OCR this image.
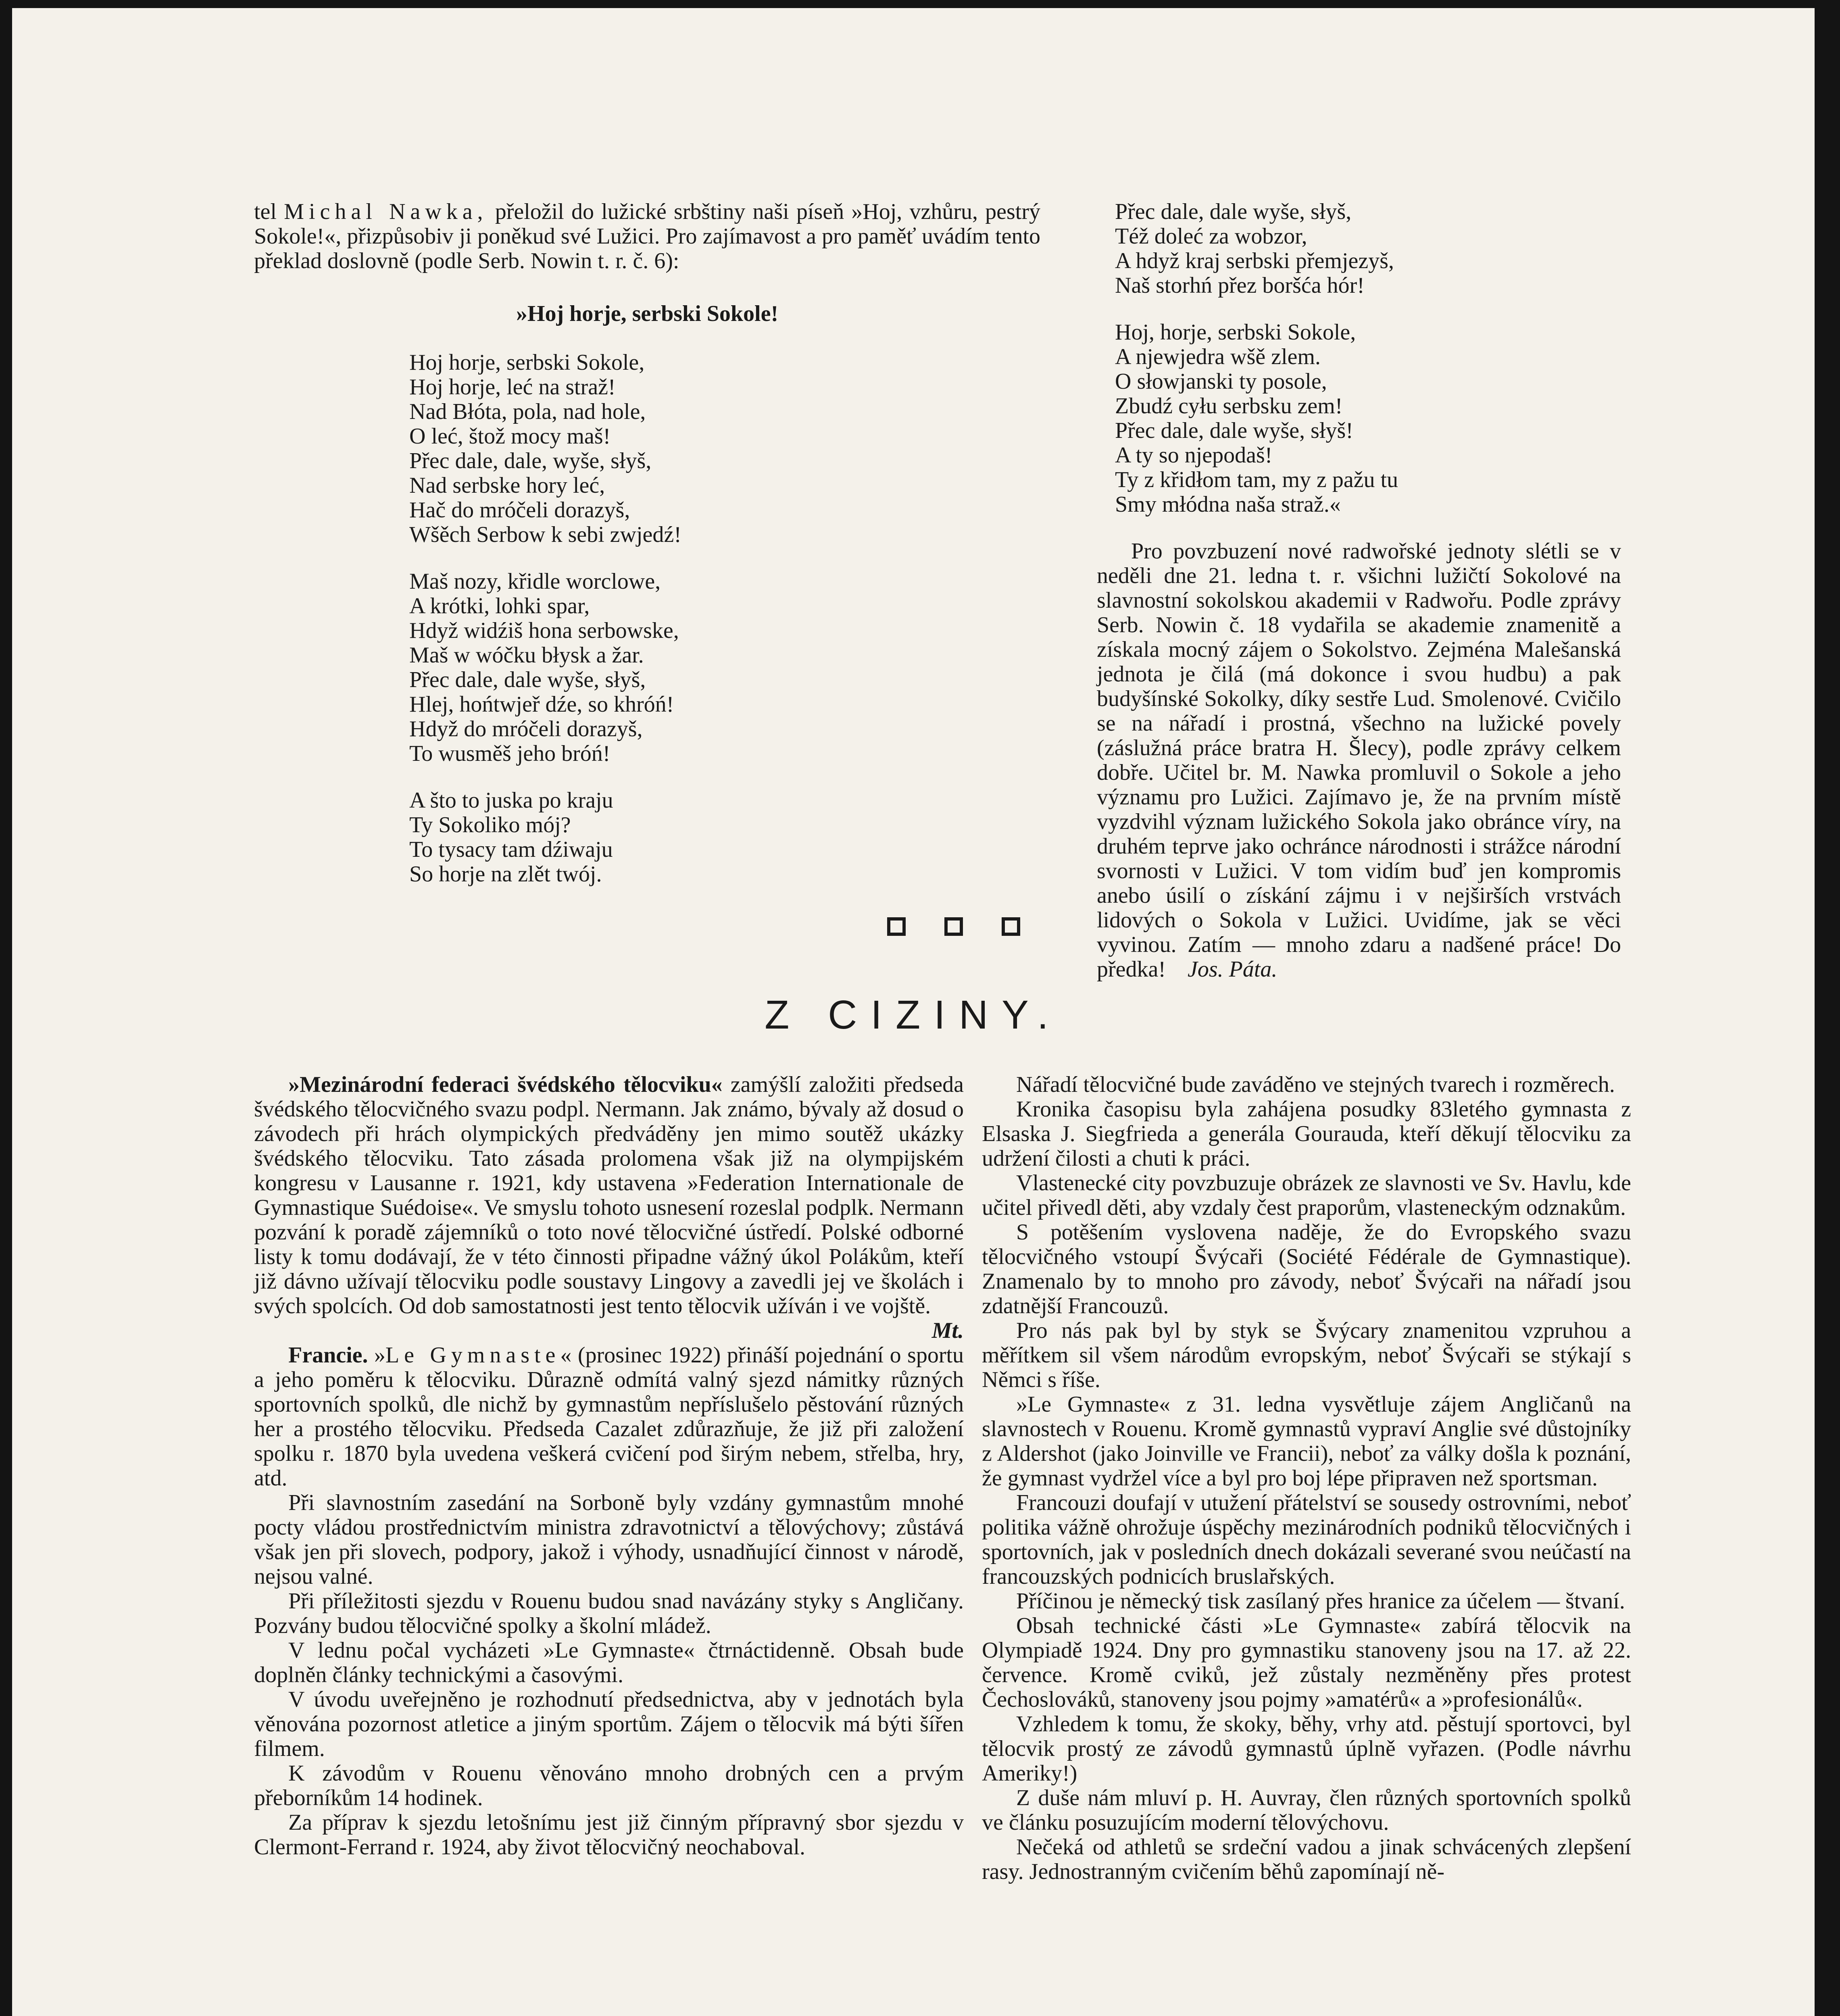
tel Michal Nawka, přeložil do lužické srbštiny naši píseň »Hoj, vzhůru, pestrý Sokole!«, přizpůsobiv ji poněkud své Lužici. Pro zajímavost a pro paměť uvádím tento překlad doslovně (podle Serb. Nowin t. r. č. 6):

»Hoj horje, serbski Sokole!
Hoj horje, serbski Sokole,
Hoj horje, leć na straž!
Nad Błóta, pola, nad hole,
O leć, štož mocy maš!
Přec dale, dale, wyše, słyš,
Nad serbske hory leć,
Hač do mróčeli dorazyš,
Wšěch Serbow k sebi zwjedź!
Maš nozy, křidle worclowe,
A krótki, lohki spar,
Hdyž widźiš hona serbowske,
Maš w wóčku błysk a žar.
Přec dale, dale wyše, słyš,
Hlej, hońtwjeř dźe, so khróń!
Hdyž do mróčeli dorazyš,
To wusměš jeho bróń!
A što to juska po kraju
Ty Sokoliko mój?
To tysacy tam dźiwaju
So horje na zlět twój.
Přec dale, dale wyše, słyš,
Též doleć za wobzor,
A hdyž kraj serbski přemjezyš,
Naš storhń přez boršća hór!
Hoj, horje, serbski Sokole,
A njewjedra wšě zlem.
O słowjanski ty posole,
Zbudź cyłu serbsku zem!
Přec dale, dale wyše, słyš!
A ty so njepodaš!
Ty z křidłom tam, my z pažu tu
Smy młódna naša straž.«

Pro povzbuzení nové radwořské jednoty slétli se v neděli dne 21. ledna t. r. všichni lužičtí Sokolové na slavnostní sokolskou akademii v Radwořu. Podle zprávy Serb. Nowin č. 18 vydařila se akademie znamenitě a získala mocný zájem o Sokolstvo. Zejména Malešanská jednota je čilá (má dokonce i svou hudbu) a pak budyšínské Sokolky, díky sestře Lud. Smolenové. Cvičilo se na nářadí i prostná, všechno na lužické povely (záslužná práce bratra H. Šlecy), podle zprávy celkem dobře. Učitel br. M. Nawka promluvil o Sokole a jeho významu pro Lužici. Zajímavo je, že na prvním místě vyzdvihl význam lužického Sokola jako obránce víry, na druhém teprve jako ochránce národnosti i strážce národní svornosti v Lužici. V tom vidím buď jen kompromis anebo úsilí o získání zájmu i v nejširších vrstvách lidových o Sokola v Lužici. Uvidíme, jak se věci vyvinou. Zatím — mnoho zdaru a nadšené práce! Do předka! Jos. Páta.

Z CIZINY.

»Mezinárodní federaci švédského tělocviku« zamýšlí založiti předseda švédského tělocvičného svazu podpl. Nermann. Jak známo, bývaly až dosud o závodech při hrách olympických předváděny jen mimo soutěž ukázky švédského tělocviku. Tato zásada prolomena však již na olympijském kongresu v Lausanne r. 1921, kdy ustavena »Federation Internationale de Gymnastique Suédoise«. Ve smyslu tohoto usnesení rozeslal podplk. Nermann pozvání k poradě zájemníků o toto nové tělocvičné ústředí. Polské odborné listy k tomu dodávají, že v této činnosti připadne vážný úkol Polákům, kteří již dávno užívají tělocviku podle soustavy Lingovy a zavedli jej ve školách i svých spolcích. Od dob samostatnosti jest tento tělocvik užíván i ve vojště.

Mt.

Francie. »Le Gymnaste« (prosinec 1922) přináší pojednání o sportu a jeho poměru k tělocviku. Důrazně odmítá valný sjezd námitky různých sportovních spolků, dle nichž by gymnastům nepříslušelo pěstování různých her a prostého tělocviku. Předseda Cazalet zdůrazňuje, že již při založení spolku r. 1870 byla uvedena veškerá cvičení pod širým nebem, střelba, hry, atd.

Při slavnostním zasedání na Sorboně byly vzdány gymnastům mnohé pocty vládou prostřednictvím ministra zdravotnictví a tělovýchovy; zůstává však jen při slovech, podpory, jakož i výhody, usnadňující činnost v národě, nejsou valné.

Při příležitosti sjezdu v Rouenu budou snad navázány styky s Angličany. Pozvány budou tělocvičné spolky a školní mládež.

V lednu počal vycházeti »Le Gymnaste« čtrnáctidenně. Obsah bude doplněn články technickými a časovými.

V úvodu uveřejněno je rozhodnutí předsednictva, aby v jednotách byla věnována pozornost atletice a jiným sportům. Zájem o tělocvik má býti šířen filmem.

K závodům v Rouenu věnováno mnoho drobných cen a prvým přeborníkům 14 hodinek.

Za příprav k sjezdu letošnímu jest již činným přípravný sbor sjezdu v Clermont-Ferrand r. 1924, aby život tělocvičný neochaboval.

Nářadí tělocvičné bude zaváděno ve stejných tvarech i rozměrech.

Kronika časopisu byla zahájena posudky 83letého gymnasta z Elsaska J. Siegfrieda a generála Gourauda, kteří děkují tělocviku za udržení čilosti a chuti k práci.

Vlastenecké city povzbuzuje obrázek ze slavnosti ve Sv. Havlu, kde učitel přivedl děti, aby vzdaly čest praporům, vlasteneckým odznakům.

S potěšením vyslovena naděje, že do Evropského svazu tělocvičného vstoupí Švýcaři (Société Fédérale de Gymnastique). Znamenalo by to mnoho pro závody, neboť Švýcaři na nářadí jsou zdatnější Francouzů.

Pro nás pak byl by styk se Švýcary znamenitou vzpruhou a měřítkem sil všem národům evropským, neboť Švýcaři se stýkají s Němci s říše.

»Le Gymnaste« z 31. ledna vysvětluje zájem Angličanů na slavnostech v Rouenu. Kromě gymnastů vypraví Anglie své důstojníky z Aldershot (jako Joinville ve Francii), neboť za války došla k poznání, že gymnast vydržel více a byl pro boj lépe připraven než sportsman.

Francouzi doufají v utužení přátelství se sousedy ostrovními, neboť politika vážně ohrožuje úspěchy mezinárodních podniků tělocvičných i sportovních, jak v posledních dnech dokázali severané svou neúčastí na francouzských podnicích bruslařských.

Příčinou je německý tisk zasílaný přes hranice za účelem — štvaní.

Obsah technické části »Le Gymnaste« zabírá tělocvik na Olympiadě 1924. Dny pro gymnastiku stanoveny jsou na 17. až 22. července. Kromě cviků, jež zůstaly nezměněny přes protest Čechoslováků, stanoveny jsou pojmy »amatérů« a »profesionálů«.

Vzhledem k tomu, že skoky, běhy, vrhy atd. pěstují sportovci, byl tělocvik prostý ze závodů gymnastů úplně vyřazen. (Podle návrhu Ameriky!)

Z duše nám mluví p. H. Auvray, člen různých sportovních spolků ve článku posuzujícím moderní tělovýchovu.

Nečeká od athletů se srdeční vadou a jinak schvácených zlepšení rasy. Jednostranným cvičením běhů zapomínají ně-
